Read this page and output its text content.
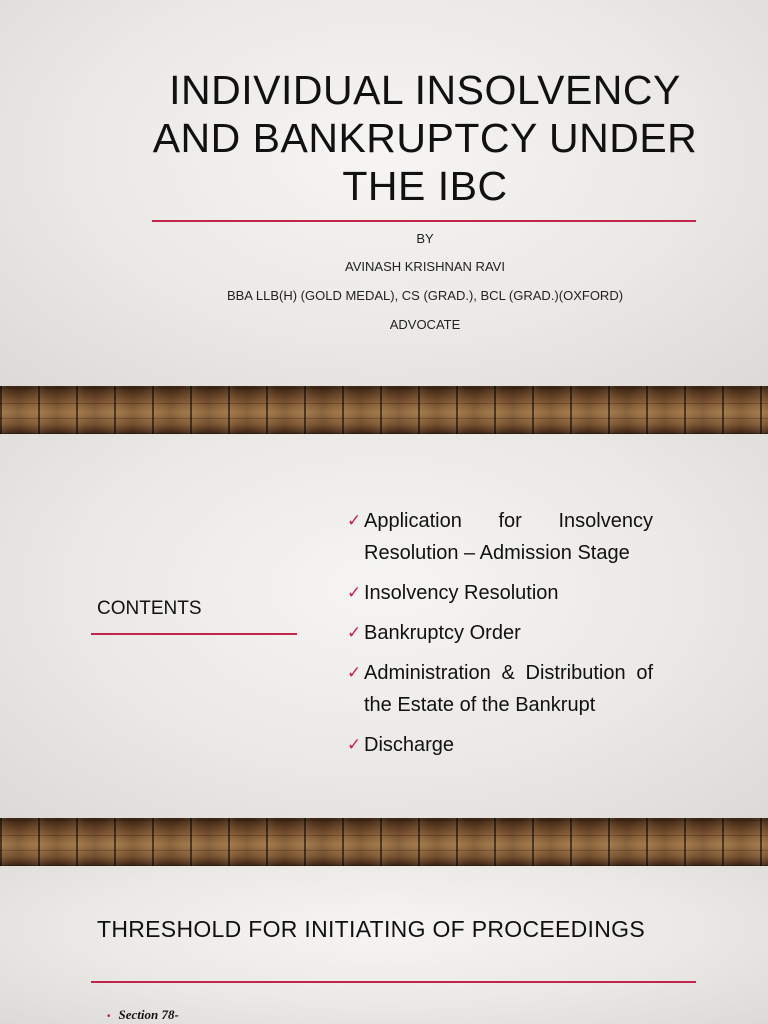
INDIVIDUAL INSOLVENCY
AND BANKRUPTCY UNDER
THE IBC

BY

AVINASH KRISHNAN RAVI

BBA LLB(H) (GOLD MEDAL), CS (GRAD.), BCL (GRAD.)(OXFORD)

ADVOCATE

CONTENTS
✓ Application for Insolvency Resolution – Admission Stage
✓ Insolvency Resolution
✓ Bankruptcy Order
✓ Administration & Distribution of the Estate of the Bankrupt
✓ Discharge
THRESHOLD FOR INITIATING OF PROCEEDINGS
• Section 78-
